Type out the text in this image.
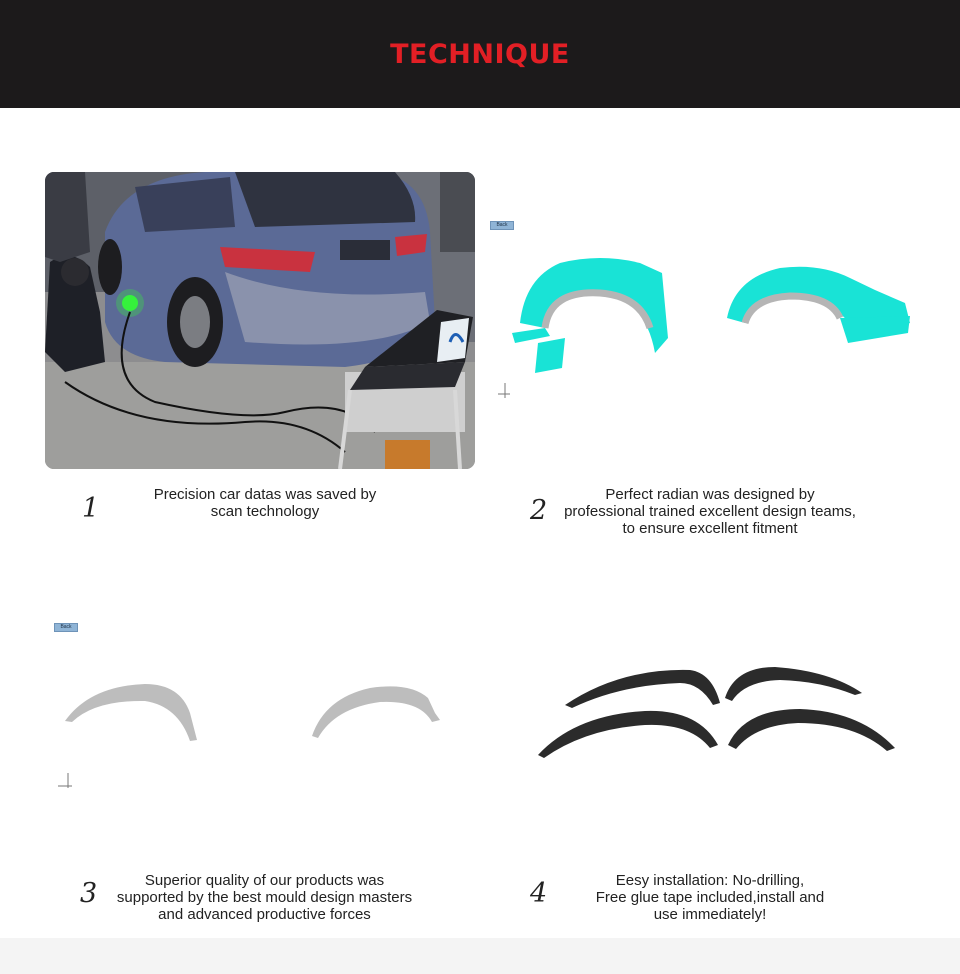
TECHNIQUE
Back
1	Precision car datas was saved by
scan technology	2
Perfect radian was designed by
professional trained excellent design teams,
to ensure excellent fitment
Back
3	Superior quality of our products was
supported by the best mould design masters
and advanced productive forces
4	Eesy installation: No-drilling,
Free glue tape included,install and
use immediately!
